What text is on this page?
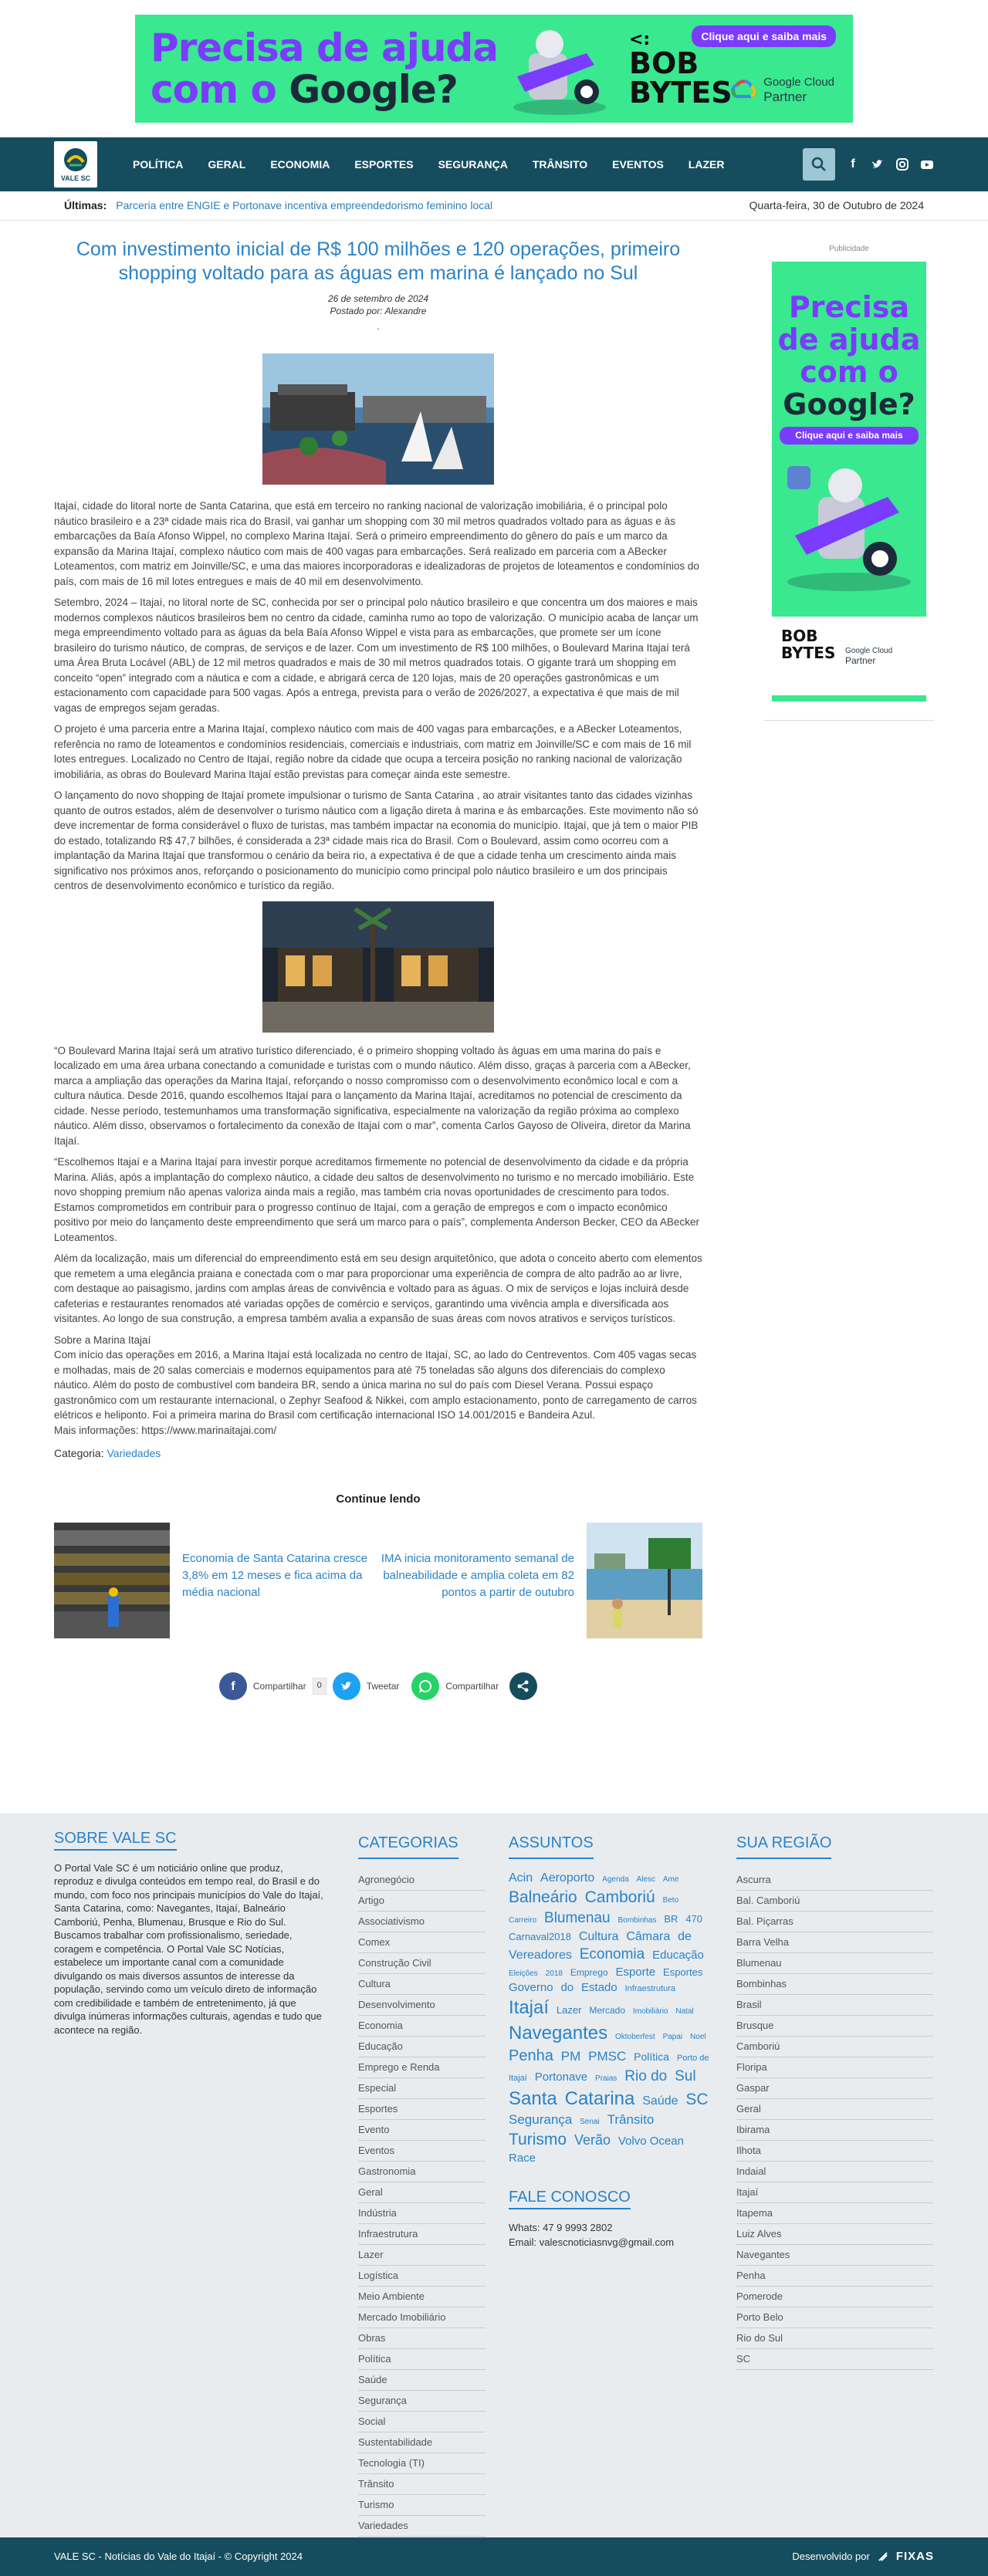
Precisa de ajuda
com o Google?
<:
BOB BYTES
Clique aqui e saiba mais
Google Cloud
Partner
VALE SC
POLÍTICA	GERAL	ECONOMIA	ESPORTES	SEGURANÇA	TRÂNSITO	EVENTOS	LAZER	f
Últimas: Parceria entre ENGIE e Portonave incentiva empreendedorismo feminino local	Quarta-feira, 30 de Outubro de 2024
Com investimento inicial de R$ 100 milhões e 120 operações, primeiro shopping voltado para as águas em marina é lançado no Sul
26 de setembro de 2024
Postado por: Alexandre
.

Itajaí, cidade do litoral norte de Santa Catarina, que está em terceiro no ranking nacional de valorização imobiliária, é o principal polo náutico brasileiro e a 23ª cidade mais rica do Brasil, vai ganhar um shopping com 30 mil metros quadrados voltado para as águas e às embarcações da Baía Afonso Wippel, no complexo Marina Itajaí. Será o primeiro empreendimento do gênero do país e um marco da expansão da Marina Itajaí, complexo náutico com mais de 400 vagas para embarcações. Será realizado em parceria com a ABecker Loteamentos, com matriz em Joinville/SC, e uma das maiores incorporadoras e idealizadoras de projetos de loteamentos e condomínios do país, com mais de 16 mil lotes entregues e mais de 40 mil em desenvolvimento.

Setembro, 2024 – Itajaí, no litoral norte de SC, conhecida por ser o principal polo náutico brasileiro e que concentra um dos maiores e mais modernos complexos náuticos brasileiros bem no centro da cidade, caminha rumo ao topo de valorização. O município acaba de lançar um mega empreendimento voltado para as águas da bela Baía Afonso Wippel e vista para as embarcações, que promete ser um ícone brasileiro do turismo náutico, de compras, de serviços e de lazer. Com um investimento de R$ 100 milhões, o Boulevard Marina Itajaí terá uma Área Bruta Locável (ABL) de 12 mil metros quadrados e mais de 30 mil metros quadrados totais. O gigante trará um shopping em conceito “open” integrado com a náutica e com a cidade, e abrigará cerca de 120 lojas, mais de 20 operações gastronômicas e um estacionamento com capacidade para 500 vagas. Após a entrega, prevista para o verão de 2026/2027, a expectativa é que mais de mil vagas de empregos sejam geradas.

O projeto é uma parceria entre a Marina Itajaí, complexo náutico com mais de 400 vagas para embarcações, e a ABecker Loteamentos, referência no ramo de loteamentos e condomínios residenciais, comerciais e industriais, com matriz em Joinville/SC e com mais de 16 mil lotes entregues. Localizado no Centro de Itajaí, região nobre da cidade que ocupa a terceira posição no ranking nacional de valorização imobiliária, as obras do Boulevard Marina Itajaí estão previstas para começar ainda este semestre.

O lançamento do novo shopping de Itajaí promete impulsionar o turismo de Santa Catarina , ao atrair visitantes tanto das cidades vizinhas quanto de outros estados, além de desenvolver o turismo náutico com a ligação direta à marina e às embarcações. Este movimento não só deve incrementar de forma considerável o fluxo de turistas, mas também impactar na economia do município. Itajaí, que já tem o maior PIB do estado, totalizando R$ 47,7 bilhões, é considerada a 23ª cidade mais rica do Brasil. Com o Boulevard, assim como ocorreu com a implantação da Marina Itajaí que transformou o cenário da beira rio, a expectativa é de que a cidade tenha um crescimento ainda mais significativo nos próximos anos, reforçando o posicionamento do município como principal polo náutico brasileiro e um dos principais centros de desenvolvimento econômico e turístico da região.

“O Boulevard Marina Itajaí será um atrativo turístico diferenciado, é o primeiro shopping voltado às águas em uma marina do país e localizado em uma área urbana conectando a comunidade e turistas com o mundo náutico. Além disso, graças à parceria com a ABecker, marca a ampliação das operações da Marina Itajaí, reforçando o nosso compromisso com o desenvolvimento econômico local e com a cultura náutica. Desde 2016, quando escolhemos Itajaí para o lançamento da Marina Itajaí, acreditamos no potencial de crescimento da cidade. Nesse período, testemunhamos uma transformação significativa, especialmente na valorização da região próxima ao complexo náutico. Além disso, observamos o fortalecimento da conexão de Itajaí com o mar”, comenta Carlos Gayoso de Oliveira, diretor da Marina Itajaí.

“Escolhemos Itajaí e a Marina Itajaí para investir porque acreditamos firmemente no potencial de desenvolvimento da cidade e da própria Marina. Aliás, após a implantação do complexo náutico, a cidade deu saltos de desenvolvimento no turismo e no mercado imobiliário. Este novo shopping premium não apenas valoriza ainda mais a região, mas também cria novas oportunidades de crescimento para todos. Estamos comprometidos em contribuir para o progresso contínuo de Itajaí, com a geração de empregos e com o impacto econômico positivo por meio do lançamento deste empreendimento que será um marco para o país”, complementa Anderson Becker, CEO da ABecker Loteamentos.

Além da localização, mais um diferencial do empreendimento está em seu design arquitetônico, que adota o conceito aberto com elementos que remetem a uma elegância praiana e conectada com o mar para proporcionar uma experiência de compra de alto padrão ao ar livre, com destaque ao paisagismo, jardins com amplas áreas de convivência e voltado para as águas. O mix de serviços e lojas incluirá desde cafeterias e restaurantes renomados até variadas opções de comércio e serviços, garantindo uma vivência ampla e diversificada aos visitantes. Ao longo de sua construção, a empresa também avalia a expansão de suas áreas com novos atrativos e serviços turísticos.

Sobre a Marina Itajaí
Com início das operações em 2016, a Marina Itajaí está localizada no centro de Itajaí, SC, ao lado do Centreventos. Com 405 vagas secas e molhadas, mais de 20 salas comerciais e modernos equipamentos para até 75 toneladas são alguns dos diferenciais do complexo náutico. Além do posto de combustível com bandeira BR, sendo a única marina no sul do país com Diesel Verana. Possui espaço gastronômico com um restaurante internacional, o Zephyr Seafood & Nikkei, com amplo estacionamento, ponto de carregamento de carros elétricos e heliponto. Foi a primeira marina do Brasil com certificação internacional ISO 14.001/2015 e Bandeira Azul.
Mais informações: https://www.marinaitajai.com/

Categoria: Variedades
Continue lendo
Economia de Santa Catarina cresce 3,8% em 12 meses e fica acima da média nacional
IMA inicia monitoramento semanal de balneabilidade e amplia coleta em 82 pontos a partir de outubro
f	Compartilhar	0	Tweetar	Compartilhar
Publicidade
Precisa
de ajuda
com o
Google?
Clique aqui e saiba mais
BOB BYTES	Google Cloud
Partner
SOBRE VALE SC

O Portal Vale SC é um noticiário online que produz, reproduz e divulga conteúdos em tempo real, do Brasil e do mundo, com foco nos principais municípios do Vale do Itajaí, Santa Catarina, como: Navegantes, Itajaí, Balneário Camboriú, Penha, Blumenau, Brusque e Rio do Sul.

Buscamos trabalhar com profissionalismo, seriedade, coragem e competência. O Portal Vale SC Notícias, estabelece um importante canal com a comunidade divulgando os mais diversos assuntos de interesse da população, servindo como um veículo direto de informação com credibilidade e também de entretenimento, já que divulga inúmeras informações culturais, agendas e tudo que acontece na região.

CATEGORIAS
Agronegócio
Artigo
Associativismo
Comex
Construção Civil
Cultura
Desenvolvimento
Economia
Educação
Emprego e Renda
Especial
Esportes
Evento
Eventos
Gastronomia
Geral
Indústria
Infraestrutura
Lazer
Logística
Meio Ambiente
Mercado Imobiliário
Obras
Política
Saúde
Segurança
Social
Sustentabilidade
Tecnologia (TI)
Trânsito
Turismo
Variedades
ASSUNTOS
Acin Aeroporto Agenda Alesc Ame Balneário Camboriú Beto Carreiro Blumenau Bombinhas BR 470 Carnaval2018 Cultura Câmara de Vereadores Economia Educação Eleições 2018 Emprego Esporte Esportes Governo do Estado Infraestrutura Itajaí Lazer Mercado Imobiliário Natal Navegantes Oktoberfest Papai Noel Penha PM PMSC Política Porto de Itajaí Portonave Praias Rio do Sul Santa Catarina Saúde SC Segurança Senai Trânsito Turismo Verão Volvo Ocean Race
FALE CONOSCO
Whats: 47 9 9993 2802
Email: valescnoticiasnvg@gmail.com
SUA REGIÃO
Ascurra
Bal. Camboriú
Bal. Piçarras
Barra Velha
Blumenau
Bombinhas
Brasil
Brusque
Camboriú
Floripa
Gaspar
Geral
Ibirama
Ilhota
Indaial
Itajaí
Itapema
Luiz Alves
Navegantes
Penha
Pomerode
Porto Belo
Rio do Sul
SC
VALE SC - Notícias do Vale do Itajaí - © Copyright 2024	Desenvolvido por FIXAS
